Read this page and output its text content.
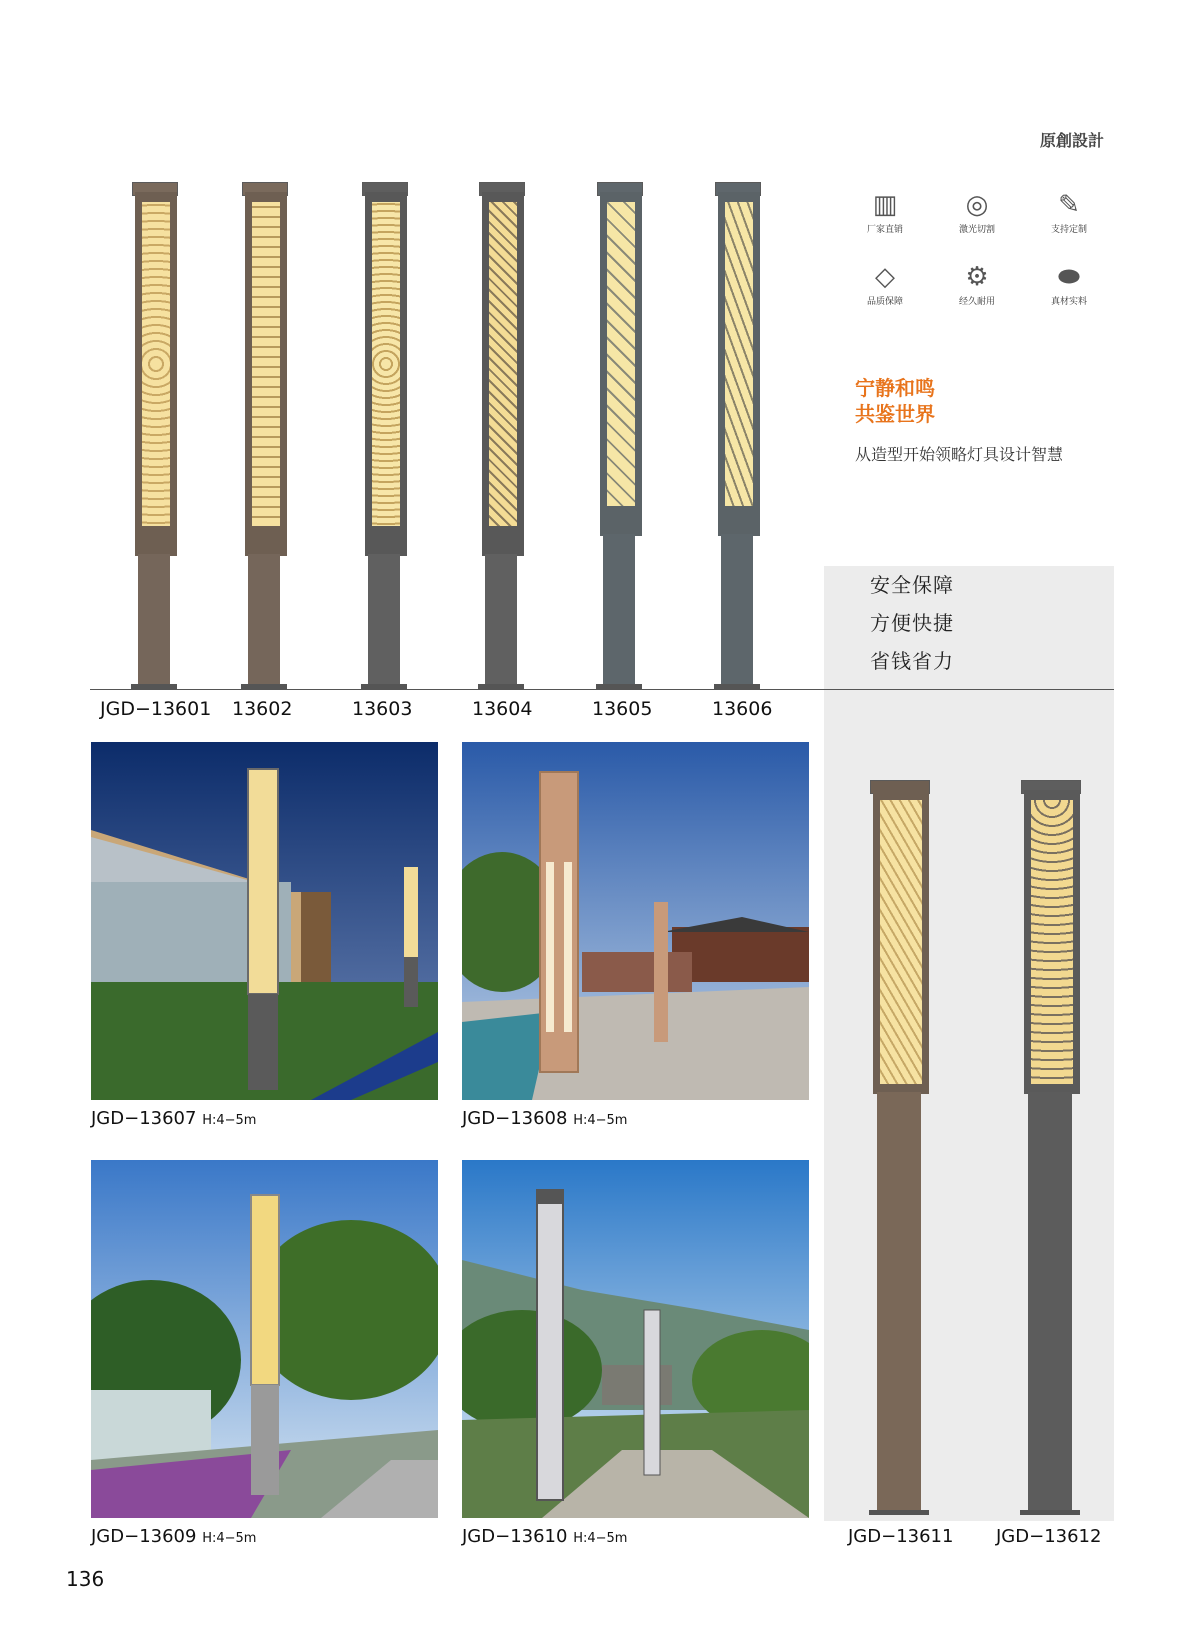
原創設計
JGD−13601 13602	13603	13604	13605	13606
▥
厂家直销
◎
激光切割
✎
支持定制
◇
品质保障
⚙
经久耐用
⬬
真材实料
宁静和鸣
共鉴世界
从造型开始领略灯具设计智慧
安全保障
方便快捷
省钱省力
JGD−13607 H:4−5m	JGD−13608 H:4−5m
JGD−13609 H:4−5m	JGD−13610 H:4−5m	JGD−13611 JGD−13612
136
